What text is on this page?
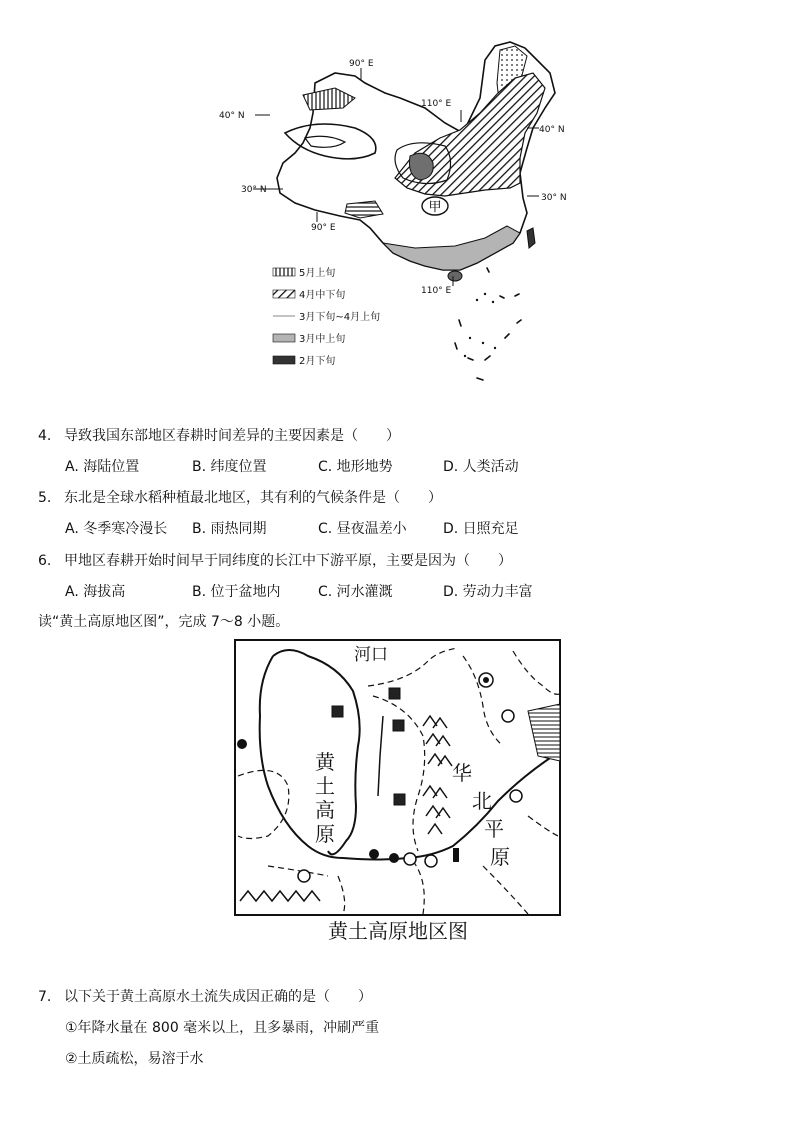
甲
40° N
30° N
40° N
30° N
90° E
110° E
90° E
110° E
5月上旬
4月中下旬
3月下旬~4月上旬
3月中上旬
2月下旬
4. 导致我国东部地区春耕时间差异的主要因素是（　　）
A. 海陆位置	B. 纬度位置	C. 地形地势	D. 人类活动
5. 东北是全球水稻种植最北地区，其有利的气候条件是（　　）
A. 冬季寒冷漫长 B. 雨热同期	C. 昼夜温差小	D. 日照充足
6. 甲地区春耕开始时间早于同纬度的长江中下游平原，主要是因为（　　）
A. 海拔高	B. 位于盆地内	C. 河水灌溉	D. 劳动力丰富
读“黄土高原地区图”，完成 7～8 小题。
河口
黄
土
高
原
华
北
平
原
黄土高原地区图
7. 以下关于黄土高原水土流失成因正确的是（　　）
①年降水量在 800 毫米以上，且多暴雨，冲刷严重
②土质疏松，易溶于水
